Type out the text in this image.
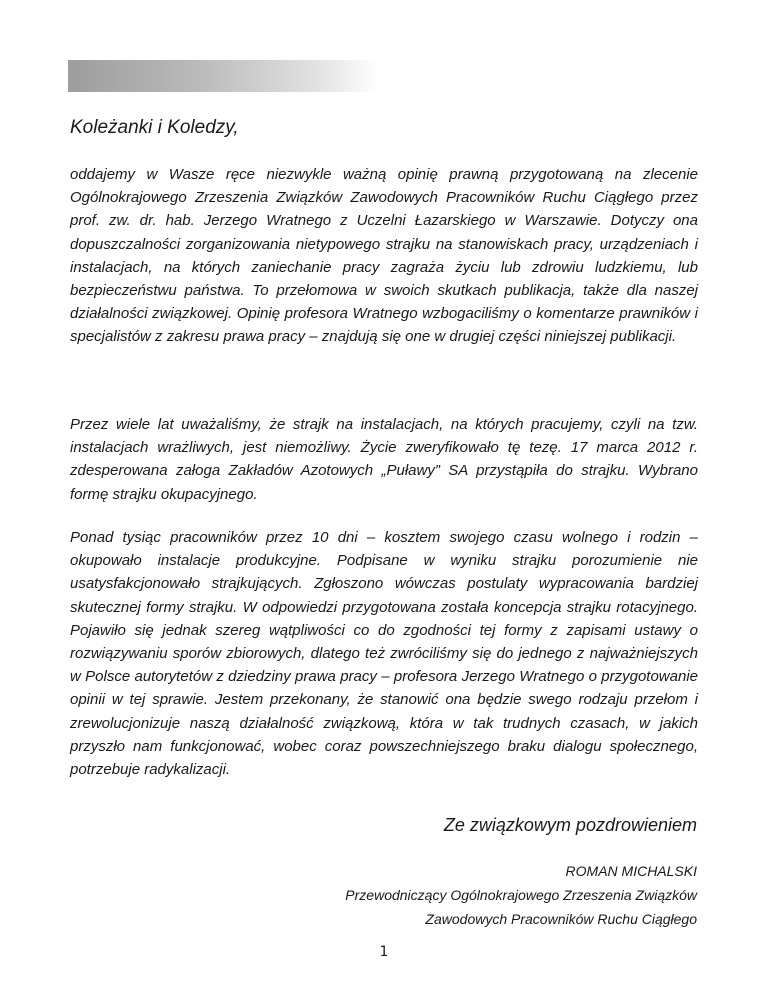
Koleżanki i Koledzy,

oddajemy w Wasze ręce niezwykle ważną opinię prawną przygotowaną na zlecenie Ogólnokrajowego Zrzeszenia Związków Zawodowych Pracowników Ruchu Ciągłego przez prof. zw. dr. hab. Jerzego Wratnego z Uczelni Łazarskiego w Warszawie. Dotyczy ona dopuszczalności zorganizowania nietypowego strajku na stanowiskach pracy, urządzeniach i instalacjach, na których zaniechanie pracy zagraża życiu lub zdrowiu ludzkiemu, lub bezpieczeństwu państwa. To przełomowa w swoich skutkach publikacja, także dla naszej działalności związkowej. Opinię profesora Wratnego wzbogaciliśmy o komentarze prawników i specjalistów z zakresu prawa pracy – znajdują się one w drugiej części niniejszej publikacji.

Przez wiele lat uważaliśmy, że strajk na instalacjach, na których pracujemy, czyli na tzw. instalacjach wrażliwych, jest niemożliwy. Życie zweryfikowało tę tezę. 17 marca 2012 r. zdesperowana załoga Zakładów Azotowych „Puławy” SA przystąpiła do strajku. Wybrano formę strajku okupacyjnego.

Ponad tysiąc pracowników przez 10 dni – kosztem swojego czasu wolnego i rodzin – okupowało instalacje produkcyjne. Podpisane w wyniku strajku porozumienie nie usatysfakcjonowało strajkujących. Zgłoszono wówczas postulaty wypracowania bardziej skutecznej formy strajku. W odpowiedzi przygotowana została koncepcja strajku rotacyjnego. Pojawiło się jednak szereg wątpliwości co do zgodności tej formy z zapisami ustawy o rozwiązywaniu sporów zbiorowych, dlatego też zwróciliśmy się do jednego z najważniejszych w Polsce autorytetów z dziedziny prawa pracy – profesora Jerzego Wratnego o przygotowanie opinii w tej sprawie. Jestem przekonany, że stanowić ona będzie swego rodzaju przełom i zrewolucjonizuje naszą działalność związkową, która w tak trudnych czasach, w jakich przyszło nam funkcjonować, wobec coraz powszechniejszego braku dialogu społecznego, potrzebuje radykalizacji.

Ze związkowym pozdrowieniem

ROMAN MICHALSKI
Przewodniczący Ogólnokrajowego Zrzeszenia Związków
Zawodowych Pracowników Ruchu Ciągłego
1
